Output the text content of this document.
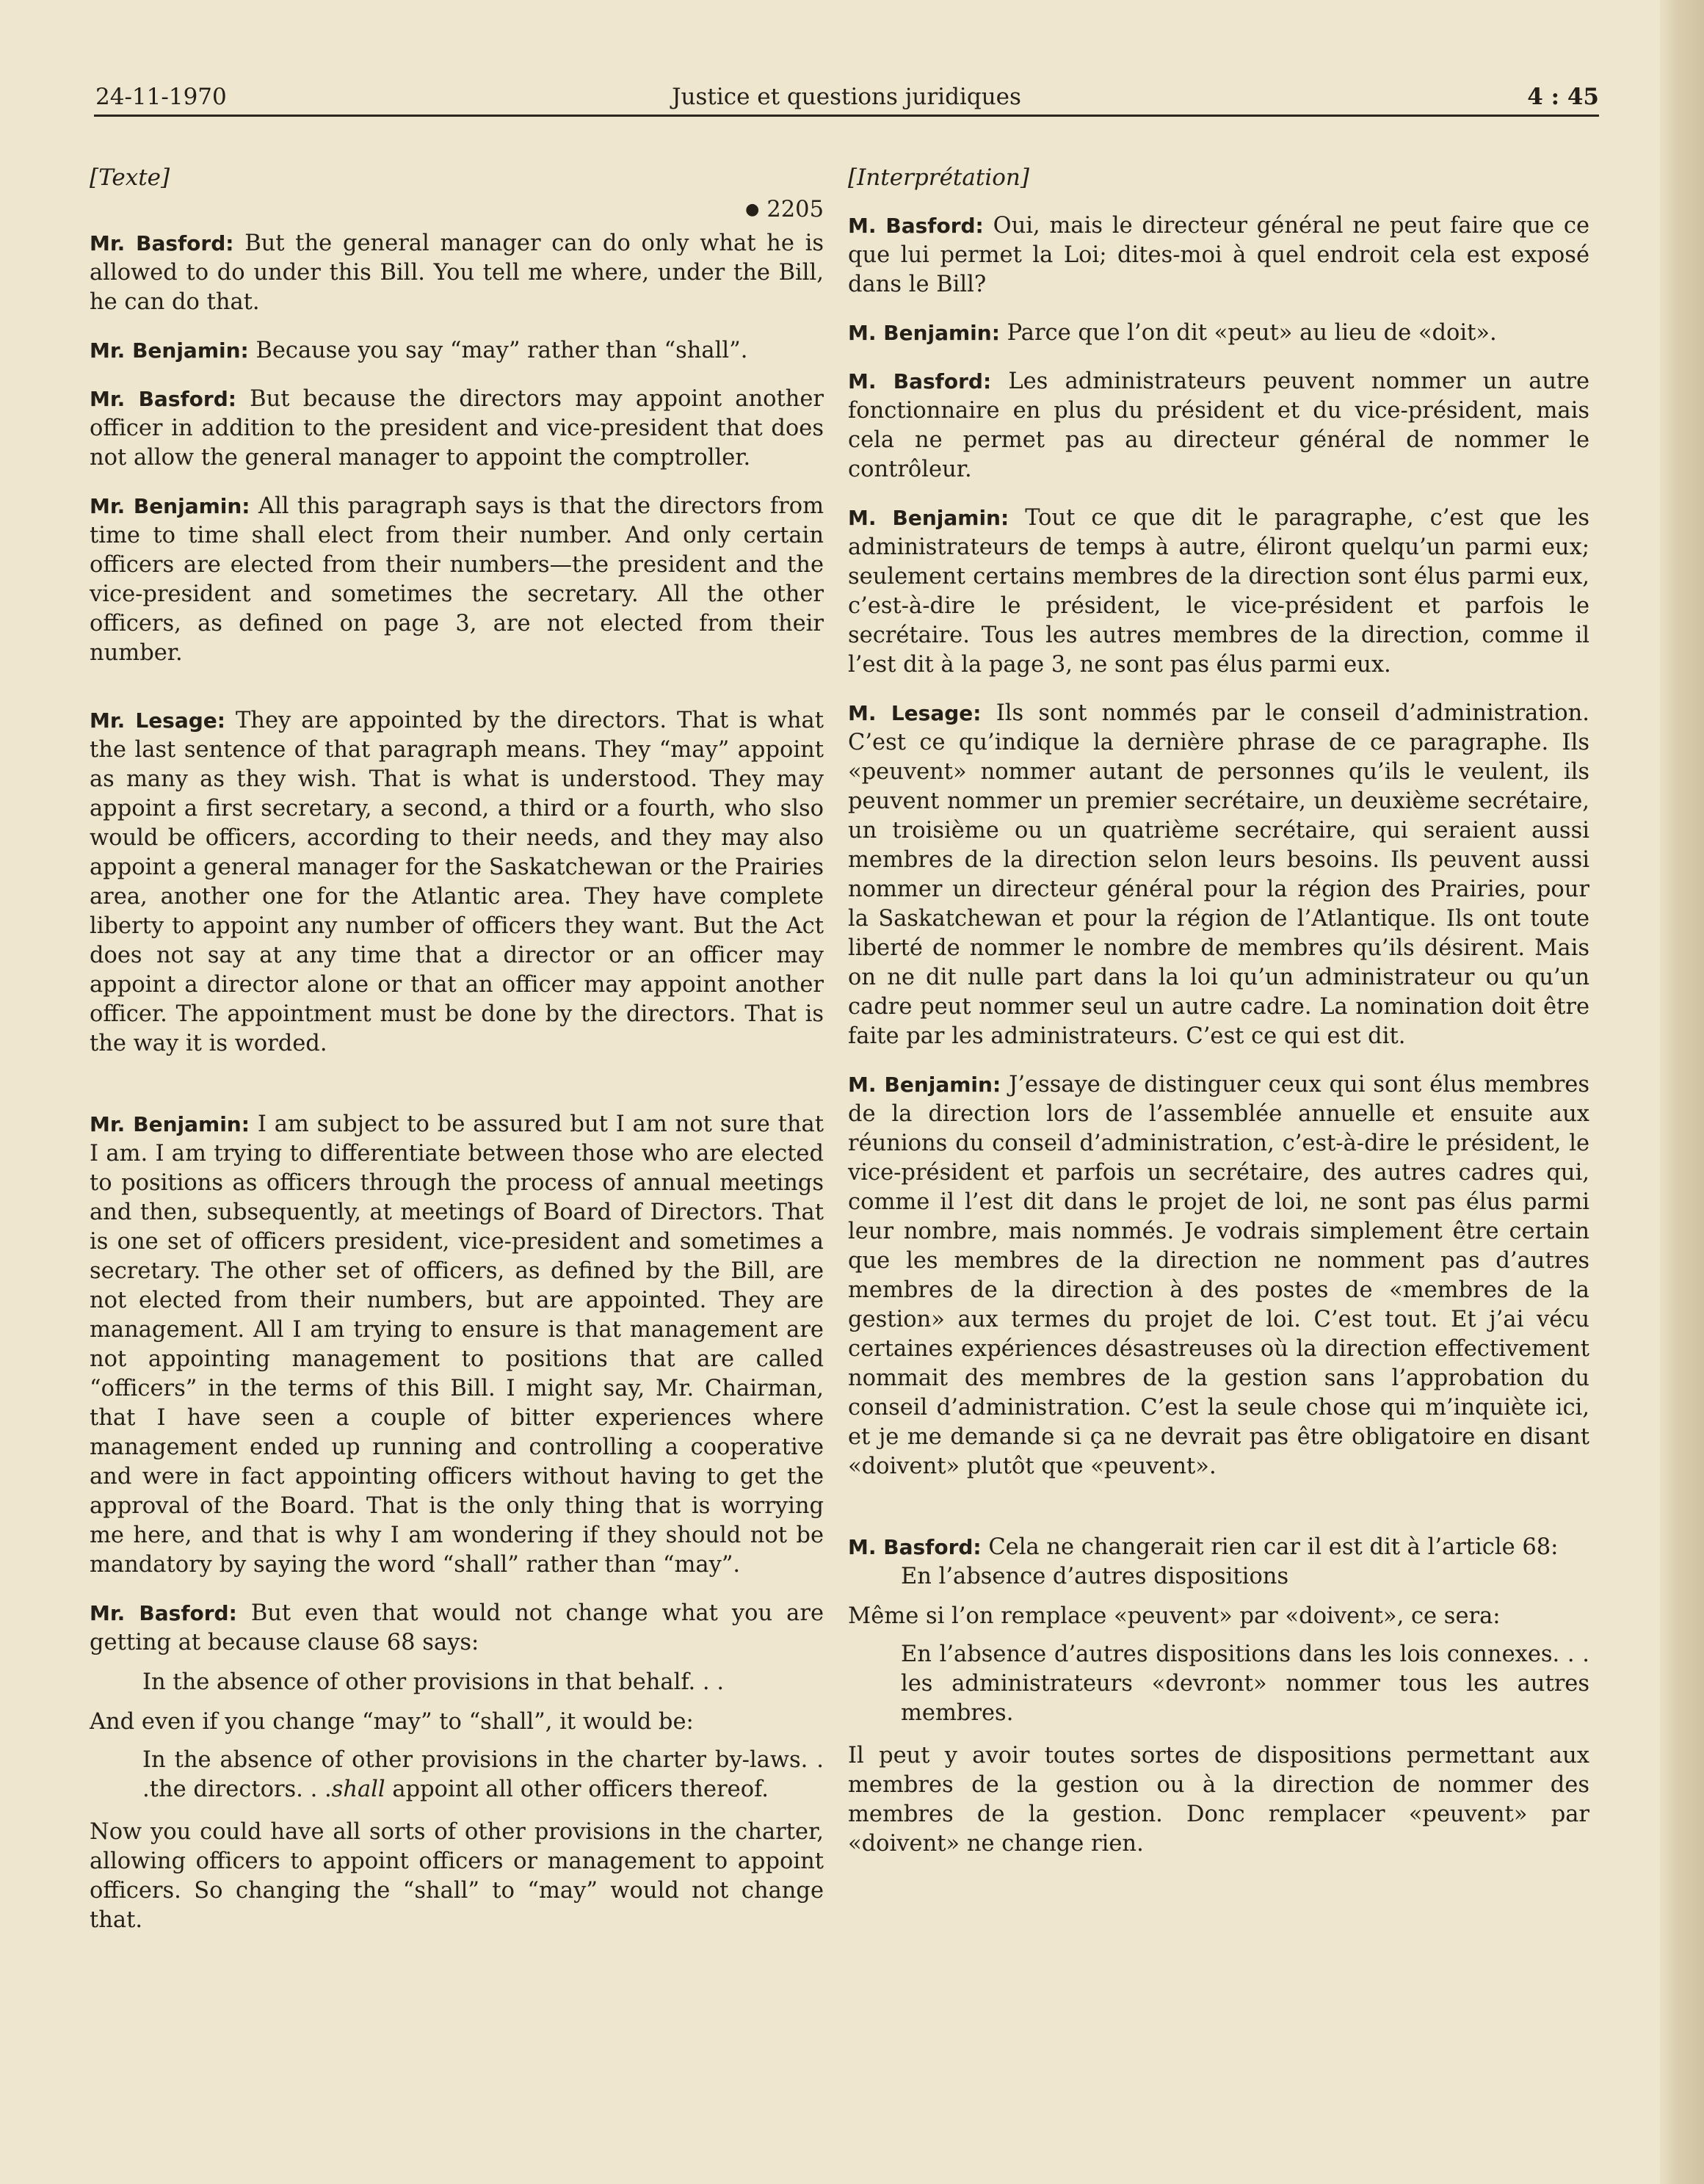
24-11-1970	Justice et questions juridiques	4 : 45
[Texte]
● 2205

Mr. Basford: But the general manager can do only what he is allowed to do under this Bill. You tell me where, under the Bill, he can do that.

Mr. Benjamin: Because you say “may” rather than “shall”.

Mr. Basford: But because the directors may appoint another officer in addition to the president and vice-president that does not allow the general manager to appoint the comptroller.

Mr. Benjamin: All this paragraph says is that the directors from time to time shall elect from their number. And only certain officers are elected from their numbers—the president and the vice-president and sometimes the secretary. All the other officers, as defined on page 3, are not elected from their number.

Mr. Lesage: They are appointed by the directors. That is what the last sentence of that paragraph means. They “may” appoint as many as they wish. That is what is understood. They may appoint a first secretary, a second, a third or a fourth, who slso would be officers, according to their needs, and they may also appoint a general manager for the Saskatchewan or the Prairies area, another one for the Atlantic area. They have complete liberty to appoint any number of officers they want. But the Act does not say at any time that a director or an officer may appoint a director alone or that an officer may appoint another officer. The appointment must be done by the directors. That is the way it is worded.

Mr. Benjamin: I am subject to be assured but I am not sure that I am. I am trying to differentiate between those who are elected to positions as officers through the process of annual meetings and then, subsequently, at meetings of Board of Directors. That is one set of officers president, vice-president and sometimes a secretary. The other set of officers, as defined by the Bill, are not elected from their numbers, but are appointed. They are management. All I am trying to ensure is that management are not appointing management to positions that are called “officers” in the terms of this Bill. I might say, Mr. Chairman, that I have seen a couple of bitter experiences where management ended up running and controlling a cooperative and were in fact appointing officers without having to get the approval of the Board. That is the only thing that is worrying me here, and that is why I am wondering if they should not be mandatory by saying the word “shall” rather than “may”.

Mr. Basford: But even that would not change what you are getting at because clause 68 says:

In the absence of other provisions in that behalf. . .

And even if you change “may” to “shall”, it would be:

In the absence of other provisions in the charter by-laws. . .the directors. . .shall appoint all other officers thereof.

Now you could have all sorts of other provisions in the charter, allowing officers to appoint officers or management to appoint officers. So changing the “shall” to “may” would not change that.

[Interprétation]

M. Basford: Oui, mais le directeur général ne peut faire que ce que lui permet la Loi; dites-moi à quel endroit cela est exposé dans le Bill?

M. Benjamin: Parce que l’on dit «peut» au lieu de «doit».

M. Basford: Les administrateurs peuvent nommer un autre fonctionnaire en plus du président et du vice-président, mais cela ne permet pas au directeur général de nommer le contrôleur.

M. Benjamin: Tout ce que dit le paragraphe, c’est que les administrateurs de temps à autre, éliront quelqu’un parmi eux; seulement certains membres de la direction sont élus parmi eux, c’est-à-dire le président, le vice-président et parfois le secrétaire. Tous les autres membres de la direction, comme il l’est dit à la page 3, ne sont pas élus parmi eux.

M. Lesage: Ils sont nommés par le conseil d’administration. C’est ce qu’indique la dernière phrase de ce paragraphe. Ils «peuvent» nommer autant de personnes qu’ils le veulent, ils peuvent nommer un premier secrétaire, un deuxième secrétaire, un troisième ou un quatrième secrétaire, qui seraient aussi membres de la direction selon leurs besoins. Ils peuvent aussi nommer un directeur général pour la région des Prairies, pour la Saskatchewan et pour la région de l’Atlantique. Ils ont toute liberté de nommer le nombre de membres qu’ils désirent. Mais on ne dit nulle part dans la loi qu’un administrateur ou qu’un cadre peut nommer seul un autre cadre. La nomination doit être faite par les administrateurs. C’est ce qui est dit.

M. Benjamin: J’essaye de distinguer ceux qui sont élus membres de la direction lors de l’assemblée annuelle et ensuite aux réunions du conseil d’administration, c’est-à-dire le président, le vice-président et parfois un secrétaire, des autres cadres qui, comme il l’est dit dans le projet de loi, ne sont pas élus parmi leur nombre, mais nommés. Je vodrais simplement être certain que les membres de la direction ne nomment pas d’autres membres de la direction à des postes de «membres de la gestion» aux termes du projet de loi. C’est tout. Et j’ai vécu certaines expériences désastreuses où la direction effectivement nommait des membres de la gestion sans l’approbation du conseil d’administration. C’est la seule chose qui m’inquiète ici, et je me demande si ça ne devrait pas être obligatoire en disant «doivent» plutôt que «peuvent».

M. Basford: Cela ne changerait rien car il est dit à l’article 68:

En l’absence d’autres dispositions

Même si l’on remplace «peuvent» par «doivent», ce sera:

En l’absence d’autres dispositions dans les lois connexes. . . les administrateurs «devront» nommer tous les autres membres.

Il peut y avoir toutes sortes de dispositions permettant aux membres de la gestion ou à la direction de nommer des membres de la gestion. Donc remplacer «peuvent» par «doivent» ne change rien.
